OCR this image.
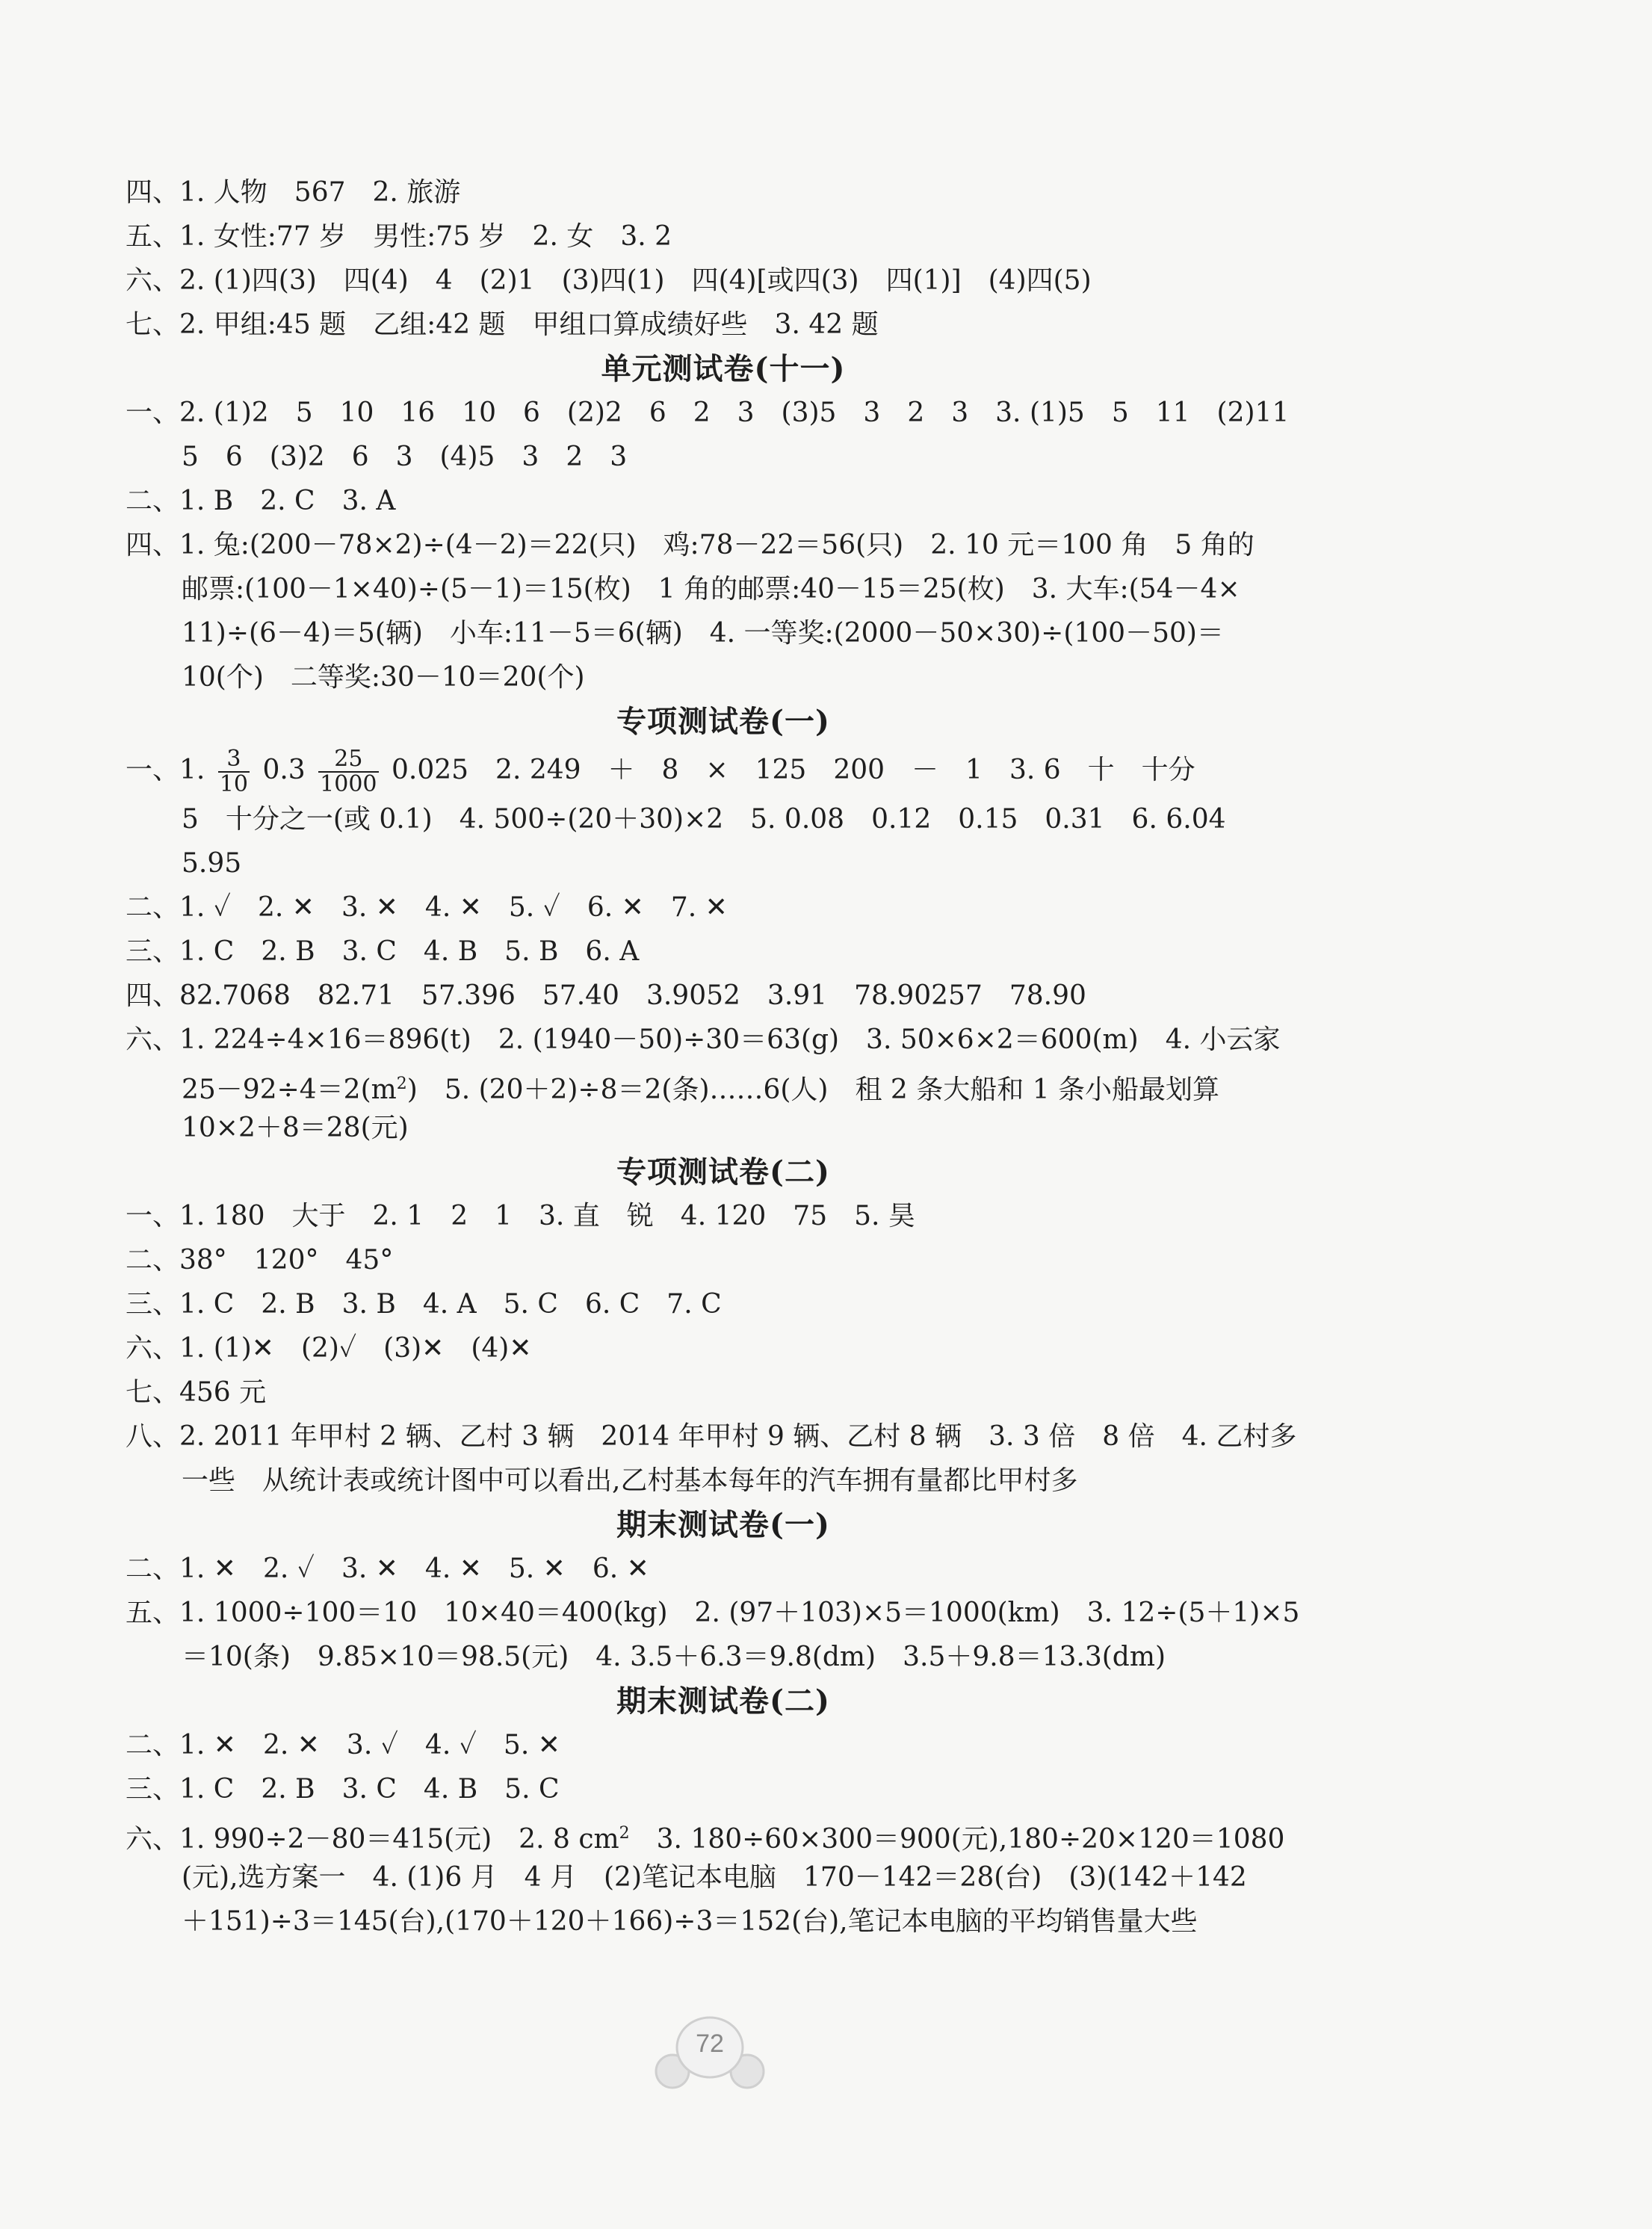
四、1. 人物　567　2. 旅游
五、1. 女性:77 岁　男性:75 岁　2. 女　3. 2
六、2. (1)四(3)　四(4)　4　(2)1　(3)四(1)　四(4)[或四(3)　四(1)]　(4)四(5)
七、2. 甲组:45 题　乙组:42 题　甲组口算成绩好些　3. 42 题
单元测试卷(十一)
一、2. (1)2　5　10　16　10　6　(2)2　6　2　3　(3)5　3　2　3　3. (1)5　5　11　(2)11
5　6　(3)2　6　3　(4)5　3　2　3
二、1. B　2. C　3. A
四、1. 兔:(200－78×2)÷(4－2)＝22(只)　鸡:78－22＝56(只)　2. 10 元＝100 角　5 角的
邮票:(100－1×40)÷(5－1)＝15(枚)　1 角的邮票:40－15＝25(枚)　3. 大车:(54－4×
11)÷(6－4)＝5(辆)　小车:11－5＝6(辆)　4. 一等奖:(2000－50×30)÷(100－50)＝
10(个)　二等奖:30－10＝20(个)
专项测试卷(一)
一、1. $\frac{3}{10} 0.3 \frac{25}{1000} 0.025$　2. 249　＋　8　×　125　200　－　1　3. 6　十　十分
5　十分之一(或 0.1)　4. 500÷(20＋30)×2　5. 0.08　0.12　0.15　0.31　6. 6.04
5.95
二、1. ✓　2. ✕　3. ✕　4. ✕　5. ✓　6. ✕　7. ✕
三、1. C　2. B　3. C　4. B　5. B　6. A
四、82.7068　82.71　57.396　57.40　3.9052　3.91　78.90257　78.90
六、1. 224÷4×16＝896(t)　2. (1940－50)÷30＝63(g)　3. 50×6×2＝600(m)　4. 小云家
$25-92\div 4=2(m^2)$　5. (20＋2)÷8＝2(条)……6(人)　租 2 条大船和 1 条小船最划算
10×2＋8＝28(元)
专项测试卷(二)
一、1. 180　大于　2. 1　2　1　3. 直　锐　4. 120　75　5. 昊
二、38°　120°　45°
三、1. C　2. B　3. B　4. A　5. C　6. C　7. C
六、1. (1)✕　(2)✓　(3)✕　(4)✕
七、456 元
八、2. 2011 年甲村 2 辆、乙村 3 辆　2014 年甲村 9 辆、乙村 8 辆　3. 3 倍　8 倍　4. 乙村多
一些　从统计表或统计图中可以看出,乙村基本每年的汽车拥有量都比甲村多
期末测试卷(一)
二、1. ✕　2. ✓　3. ✕　4. ✕　5. ✕　6. ✕
五、1. 1000÷100＝10　10×40＝400(kg)　2. (97＋103)×5＝1000(km)　3. 12÷(5＋1)×5
＝10(条)　9.85×10＝98.5(元)　4. 3.5＋6.3＝9.8(dm)　3.5＋9.8＝13.3(dm)
期末测试卷(二)
二、1. ✕　2. ✕　3. ✓　4. ✓　5. ✕
三、1. C　2. B　3. C　4. B　5. C
六、1. 990÷2－80＝415(元)　2. 8 $cm^2$　3. 180÷60×300＝900(元),180÷20×120＝1080
(元),选方案一　4. (1)6 月　4 月　(2)笔记本电脑　170－142＝28(台)　(3)(142＋142
＋151)÷3＝145(台),(170＋120＋166)÷3＝152(台),笔记本电脑的平均销售量大些
72
